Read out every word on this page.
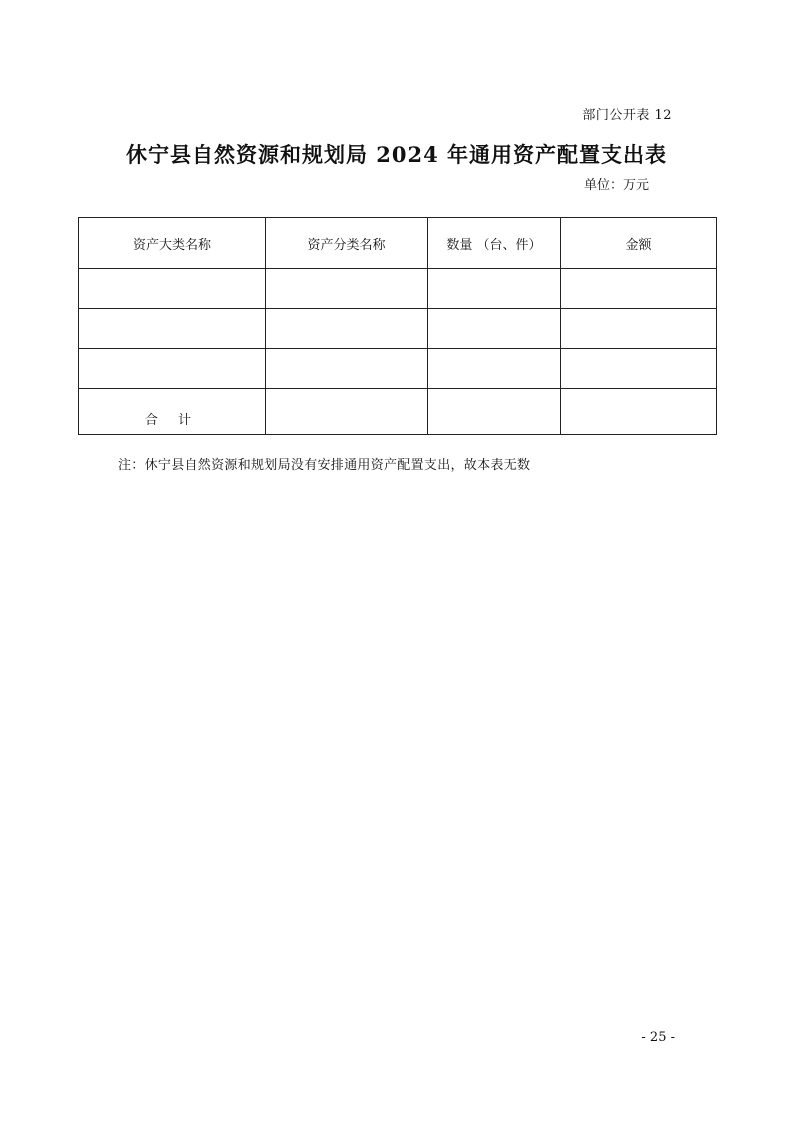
部门公开表 12
休宁县自然资源和规划局 2024 年通用资产配置支出表
单位：万元
资产大类名称	资产分类名称	数量 （台、件）	金额

合 计			
注：休宁县自然资源和规划局没有安排通用资产配置支出，故本表无数
- 25 -
